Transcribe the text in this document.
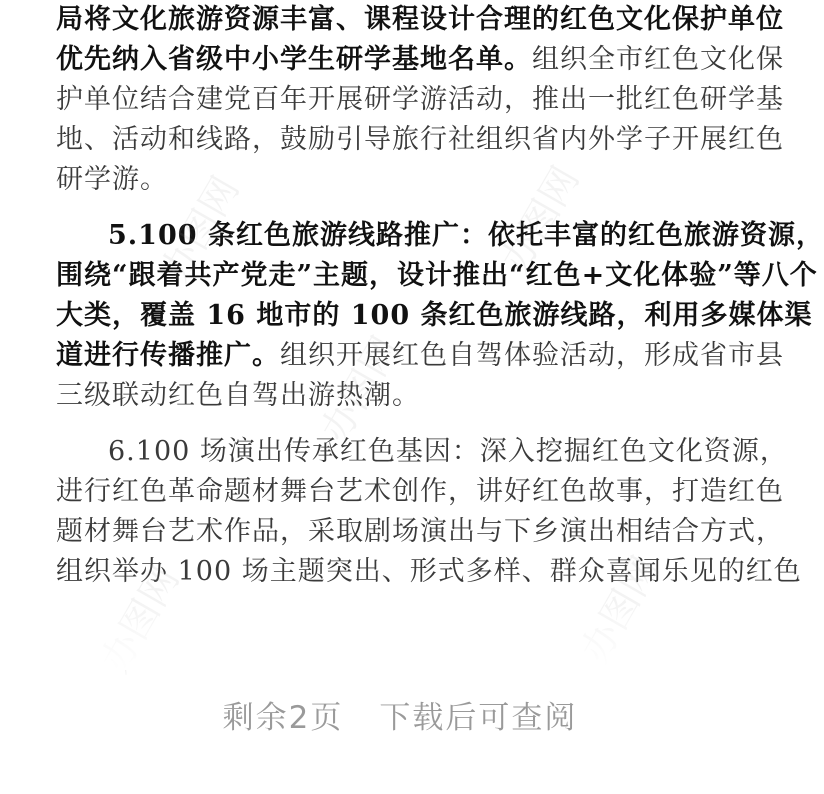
局将文化旅游资源丰富、课程设计合理的红色文化保护单位
优先纳入省级中小学生研学基地名单。组织全市红色文化保
护单位结合建党百年开展研学游活动，推出一批红色研学基
地、活动和线路，鼓励引导旅行社组织省内外学子开展红色
研学游。
5.100 条红色旅游线路推广：依托丰富的红色旅游资源，
围绕“跟着共产党走”主题，设计推出“红色+文化体验”等八个
大类，覆盖 16 地市的 100 条红色旅游线路，利用多媒体渠
道进行传播推广。组织开展红色自驾体验活动，形成省市县
三级联动红色自驾出游热潮。
6.100 场演出传承红色基因：深入挖掘红色文化资源，
进行红色革命题材舞台艺术创作，讲好红色故事，打造红色
题材舞台艺术作品，采取剧场演出与下乡演出相结合方式，
组织举办 100 场主题突出、形式多样、群众喜闻乐见的红色
办图网	办图网
办图网
剩余2页 下载后可查阅
